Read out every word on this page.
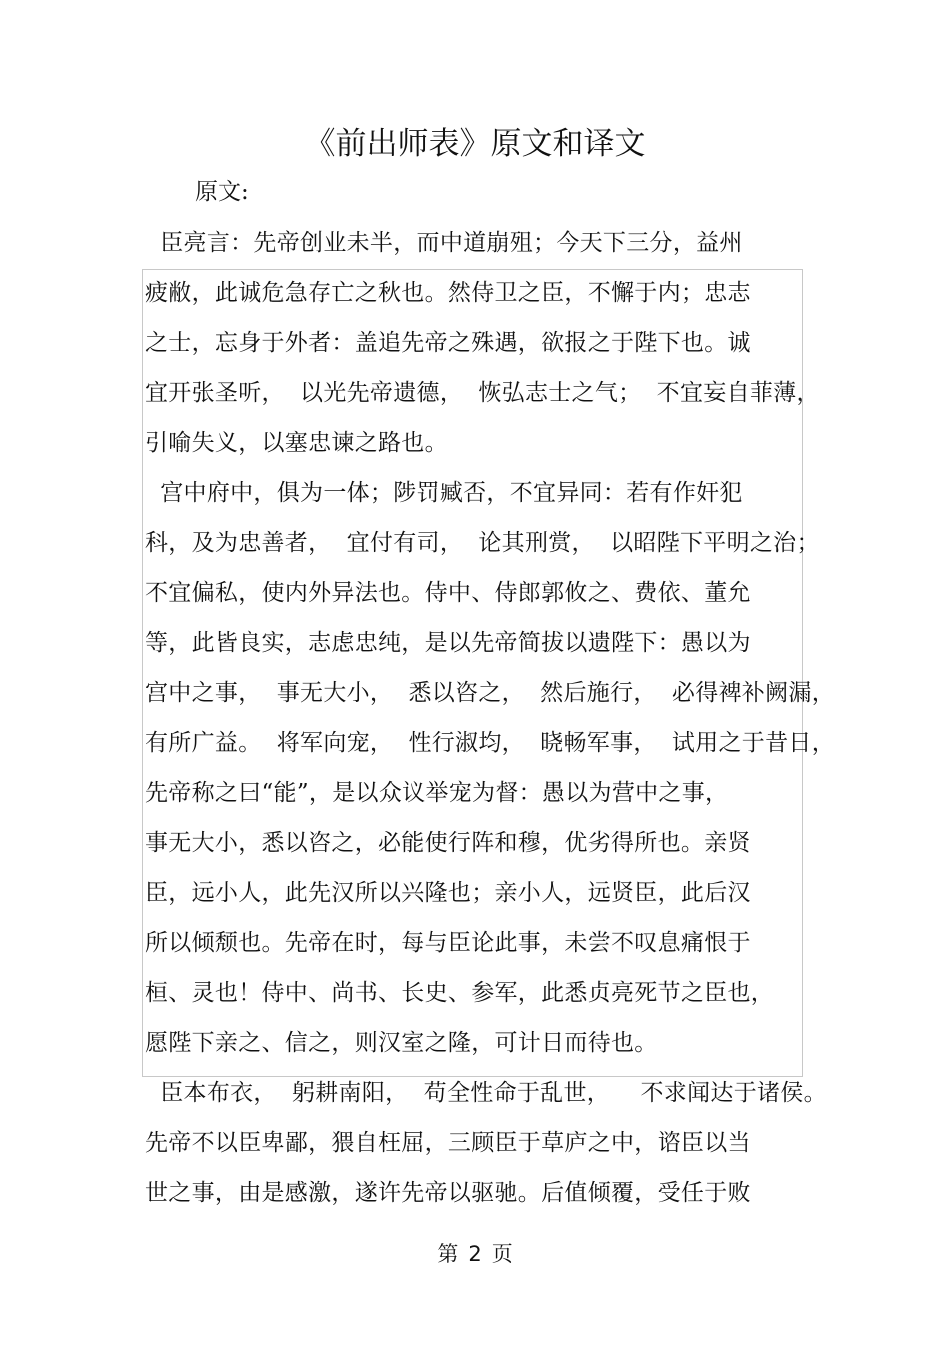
《前出师表》原文和译文
原文:
臣亮言：先帝创业未半，而中道崩殂；今天下三分，益州
疲敝，此诚危急存亡之秋也。然侍卫之臣，不懈于内；忠志
之士，忘身于外者：盖追先帝之殊遇，欲报之于陛下也。诚
宜开张圣听，  以光先帝遗德，  恢弘志士之气；  不宜妄自菲薄，
引喻失义，以塞忠谏之路也。
宫中府中，俱为一体；陟罚臧否，不宜异同：若有作奸犯
科，及为忠善者，  宜付有司，  论其刑赏，  以昭陛下平明之治；
不宜偏私，使内外异法也。侍中、侍郎郭攸之、费依、董允
等，此皆良实，志虑忠纯，是以先帝简拔以遗陛下：愚以为
宫中之事，  事无大小，  悉以咨之，  然后施行，  必得裨补阙漏，
有所广益。  将军向宠，  性行淑均，  晓畅军事，  试用之于昔日，
先帝称之曰“能”，是以众议举宠为督：愚以为营中之事，
事无大小，悉以咨之，必能使行阵和穆，优劣得所也。亲贤
臣，远小人，此先汉所以兴隆也；亲小人，远贤臣，此后汉
所以倾颓也。先帝在时，每与臣论此事，未尝不叹息痛恨于
桓、灵也！侍中、尚书、长史、参军，此悉贞亮死节之臣也，
愿陛下亲之、信之，则汉室之隆，可计日而待也。
臣本布衣，  躬耕南阳，  苟全性命于乱世，    不求闻达于诸侯。
先帝不以臣卑鄙，猥自枉屈，三顾臣于草庐之中，谘臣以当
世之事，由是感激，遂许先帝以驱驰。后值倾覆，受任于败
第 2 页
